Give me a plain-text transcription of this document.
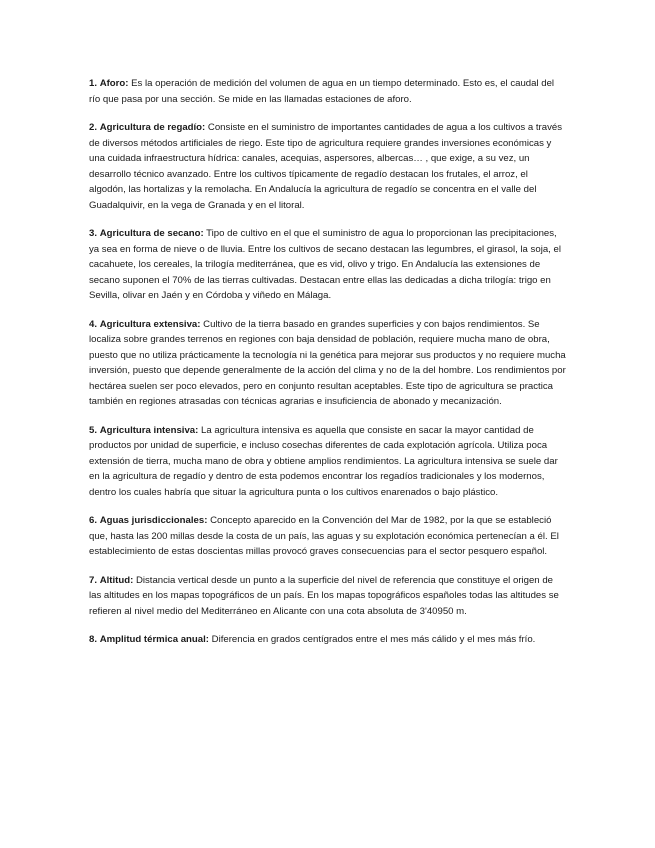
1. Aforo: Es la operación de medición del volumen de agua en un tiempo determinado. Esto es, el caudal del río que pasa por una sección. Se mide en las llamadas estaciones de aforo.

2. Agricultura de regadío: Consiste en el suministro de importantes cantidades de agua a los cultivos a través de diversos métodos artificiales de riego. Este tipo de agricultura requiere grandes inversiones económicas y una cuidada infraestructura hídrica: canales, acequias, aspersores, albercas… , que exige, a su vez, un desarrollo técnico avanzado. Entre los cultivos típicamente de regadío destacan los frutales, el arroz, el algodón, las hortalizas y la remolacha. En Andalucía la agricultura de regadío se concentra en el valle del Guadalquivir, en la vega de Granada y en el litoral.

3. Agricultura de secano: Tipo de cultivo en el que el suministro de agua lo proporcionan las precipitaciones, ya sea en forma de nieve o de lluvia. Entre los cultivos de secano destacan las legumbres, el girasol, la soja, el cacahuete, los cereales, la trilogía mediterránea, que es vid, olivo y trigo. En Andalucía las extensiones de secano suponen el 70% de las tierras cultivadas. Destacan entre ellas las dedicadas a dicha trilogía: trigo en Sevilla, olivar en Jaén y en Córdoba y viñedo en Málaga.

4. Agricultura extensiva: Cultivo de la tierra basado en grandes superficies y con bajos rendimientos. Se localiza sobre grandes terrenos en regiones con baja densidad de población, requiere mucha mano de obra, puesto que no utiliza prácticamente la tecnología ni la genética para mejorar sus productos y no requiere mucha inversión, puesto que depende generalmente de la acción del clima y no de la del hombre. Los rendimientos por hectárea suelen ser poco elevados, pero en conjunto resultan aceptables. Este tipo de agricultura se practica también en regiones atrasadas con técnicas agrarias e insuficiencia de abonado y mecanización.

5. Agricultura intensiva: La agricultura intensiva es aquella que consiste en sacar la mayor cantidad de productos por unidad de superficie, e incluso cosechas diferentes de cada explotación agrícola. Utiliza poca extensión de tierra, mucha mano de obra y obtiene amplios rendimientos. La agricultura intensiva se suele dar en la agricultura de regadío y dentro de esta podemos encontrar los regadíos tradicionales y los modernos, dentro los cuales habría que situar la agricultura punta o los cultivos enarenados o bajo plástico.

6. Aguas jurisdiccionales: Concepto aparecido en la Convención del Mar de 1982, por la que se estableció que, hasta las 200 millas desde la costa de un país, las aguas y su explotación económica pertenecían a él. El establecimiento de estas doscientas millas provocó graves consecuencias para el sector pesquero español.

7. Altitud: Distancia vertical desde un punto a la superficie del nivel de referencia que constituye el origen de las altitudes en los mapas topográficos de un país. En los mapas topográficos españoles todas las altitudes se refieren al nivel medio del Mediterráneo en Alicante con una cota absoluta de 3'40950 m.

8. Amplitud térmica anual: Diferencia en grados centígrados entre el mes más cálido y el mes más frío.
